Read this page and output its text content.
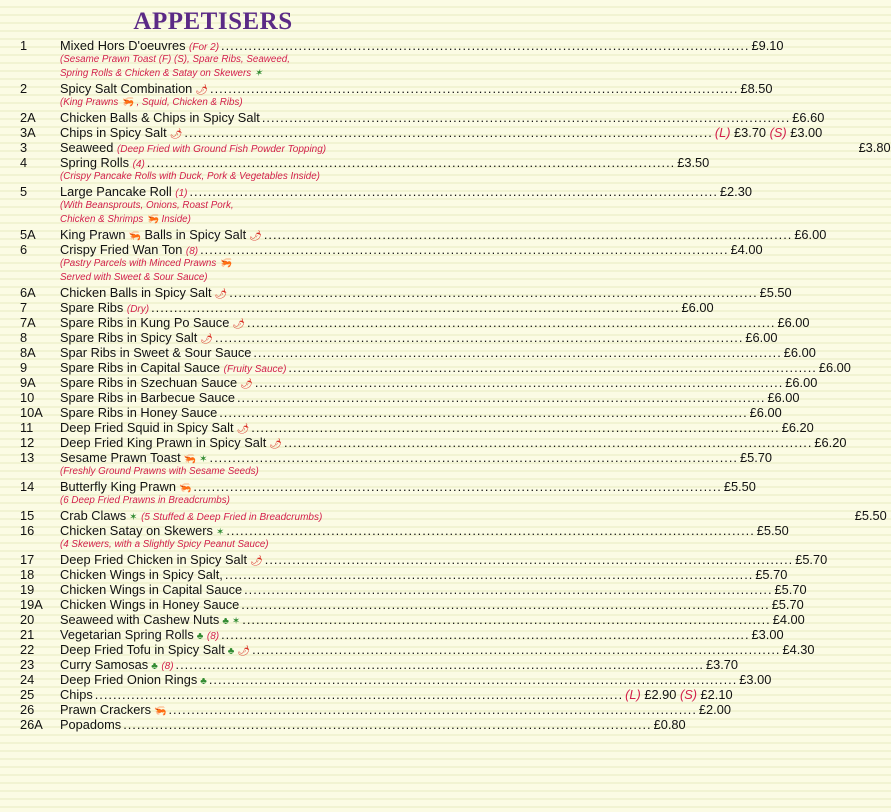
APPETISERS
1	Mixed Hors D'oeuvres (For 2) .....	£9.10
(Sesame Prawn Toast (F) (S), Spare Ribs, Seaweed,
Spring Rolls & Chicken & Satay on Skewers ✶
2	Spicy Salt Combination 🌶 .....	£8.50
(King Prawns 🦐 , Squid, Chicken & Ribs)
2A	Chicken Balls & Chips in Spicy Salt .....	£6.60
3A	Chips in Spicy Salt 🌶 .....	(L) £3.70 (S) £3.00
3	Seaweed (Deep Fried with Ground Fish Powder Topping)	£3.80
4	Spring Rolls (4) .....	£3.50
(Crispy Pancake Rolls with Duck, Pork & Vegetables Inside)
5	Large Pancake Roll (1) .....	£2.30
(With Beansprouts, Onions, Roast Pork,
Chicken & Shrimps 🦐 Inside)
5A	King Prawn 🦐 Balls in Spicy Salt 🌶 .....	£6.00
6	Crispy Fried Wan Ton (8) .....	£4.00
(Pastry Parcels with Minced Prawns 🦐
Served with Sweet & Sour Sauce)
6A	Chicken Balls in Spicy Salt 🌶 .....	£5.50
7	Spare Ribs (Dry) .....	£6.00
7A	Spare Ribs in Kung Po Sauce 🌶 .....	£6.00
8	Spare Ribs in Spicy Salt 🌶 .....	£6.00
8A	Spar Ribs in Sweet & Sour Sauce .....	£6.00
9	Spare Ribs in Capital Sauce (Fruity Sauce) .....	£6.00
9A	Spare Ribs in Szechuan Sauce 🌶 .....	£6.00
10	Spare Ribs in Barbecue Sauce .....	£6.00
10A	Spare Ribs in Honey Sauce .....	£6.00
11	Deep Fried Squid in Spicy Salt 🌶 .....	£6.20
12	Deep Fried King Prawn in Spicy Salt 🌶 .....	£6.20
13	Sesame Prawn Toast 🦐 ✶ .....	£5.70
(Freshly Ground Prawns with Sesame Seeds)
14	Butterfly King Prawn 🦐 .....	£5.50
(6 Deep Fried Prawns in Breadcrumbs)
15	Crab Claws ✶ (5 Stuffed & Deep Fried in Breadcrumbs)	£5.50
16	Chicken Satay on Skewers ✶ .....	£5.50
(4 Skewers, with a Slightly Spicy Peanut Sauce)
17	Deep Fried Chicken in Spicy Salt 🌶 .....	£5.70
18	Chicken Wings in Spicy Salt, .....	£5.70
19	Chicken Wings in Capital Sauce .....	£5.70
19A	Chicken Wings in Honey Sauce .....	£5.70
20	Seaweed with Cashew Nuts ♣ ✶ .....	£4.00
21	Vegetarian Spring Rolls ♣ (8) .....	£3.00
22	Deep Fried Tofu in Spicy Salt ♣ 🌶 .....	£4.30
23	Curry Samosas ♣ (8) .....	£3.70
24	Deep Fried Onion Rings ♣ .....	£3.00
25	Chips .....	(L) £2.90 (S) £2.10
26	Prawn Crackers 🦐 .....	£2.00
26A	Popadoms .....	£0.80
